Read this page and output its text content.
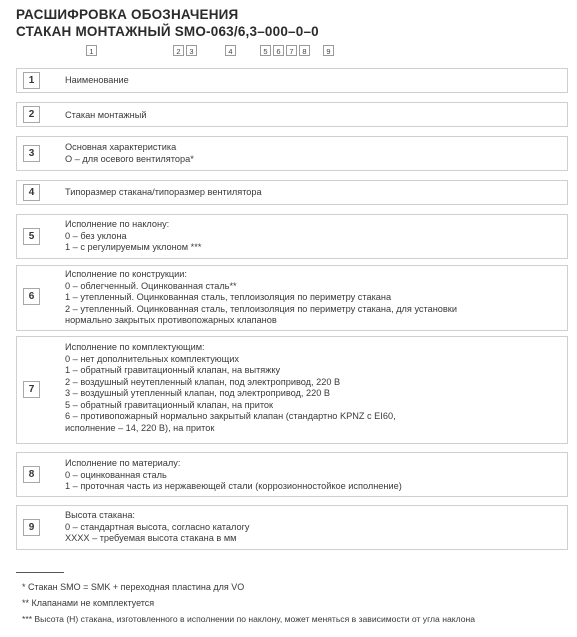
РАСШИФРОВКА ОБОЗНАЧЕНИЯ
СТАКАН МОНТАЖНЫЙ SMO-063/6,3–000–0–0
1	2	3	4	5	6	7	8	9
1	Наименование
2	Стакан монтажный
3
Основная характеристика
О – для осевого вентилятора*
4	Типоразмер стакана/типоразмер вентилятора
5
Исполнение по наклону:
0 – без уклона
1 – с регулируемым уклоном ***
6
Исполнение по конструкции:
0 – облегченный. Оцинкованная сталь**
1 – утепленный. Оцинкованная сталь, теплоизоляция по периметру стакана
2 – утепленный. Оцинкованная сталь, теплоизоляция по периметру стакана, для установки
нормально закрытых противопожарных клапанов
7
Исполнение по комплектующим:
0 – нет дополнительных комплектующих
1 – обратный гравитационный клапан, на вытяжку
2 – воздушный неутепленный клапан, под электропривод, 220 В
3 – воздушный утепленный клапан, под электропривод, 220 В
5 – обратный гравитационный клапан, на приток
6 – противопожарный нормально закрытый клапан (стандартно KPNZ с EI60,
исполнение – 14, 220 В), на приток
8
Исполнение по материалу:
0 – оцинкованная сталь
1 – проточная часть из нержавеющей стали (коррозионностойкое исполнение)
9
Высота стакана:
0 – стандартная высота, согласно каталогу
XXXX – требуемая высота стакана в мм
* Стакан SMO = SMK + переходная пластина для VO
** Клапанами не комплектуется
*** Высота (Н) стакана, изготовленного в исполнении по наклону, может меняться в зависимости от угла наклона
